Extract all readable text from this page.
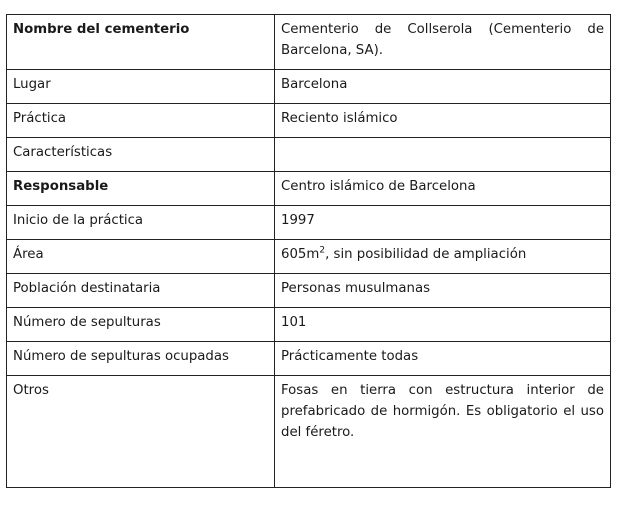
Nombre del cementerio	Cementerio de Collserola (Cementerio de Barcelona, SA).
Lugar	Barcelona
Práctica	Reciento islámico
Características	
Responsable	Centro islámico de Barcelona
Inicio de la práctica	1997
Área	$605m^2$, sin posibilidad de ampliación
Población destinataria	Personas musulmanas
Número de sepulturas	101
Número de sepulturas ocupadas	Prácticamente todas
Otros	Fosas en tierra con estructura interior de prefabricado de hormigón. Es obligatorio el uso del féretro.
